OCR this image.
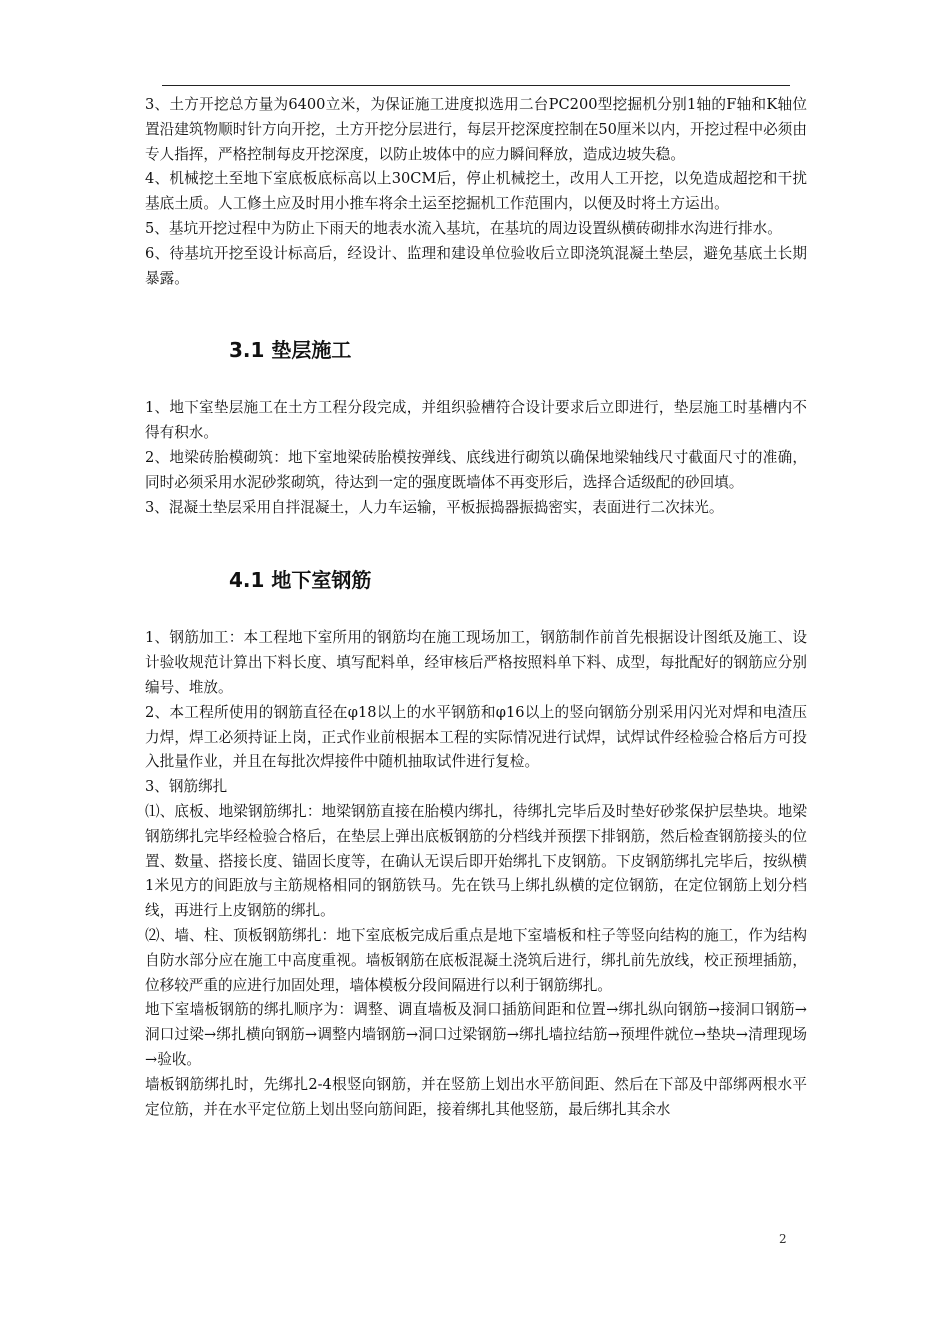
3、土方开挖总方量为6400立米，为保证施工进度拟选用二台PC200型挖掘机分别1轴的F轴和K轴位置沿建筑物顺时针方向开挖，土方开挖分层进行，每层开挖深度控制在50厘米以内，开挖过程中必须由专人指挥，严格控制每皮开挖深度，以防止坡体中的应力瞬间释放，造成边坡失稳。

4、机械挖土至地下室底板底标高以上30CM后，停止机械挖土，改用人工开挖，以免造成超挖和干扰基底土质。人工修土应及时用小推车将余土运至挖掘机工作范围内，以便及时将土方运出。

5、基坑开挖过程中为防止下雨天的地表水流入基坑，在基坑的周边设置纵横砖砌排水沟进行排水。

6、待基坑开挖至设计标高后，经设计、监理和建设单位验收后立即浇筑混凝土垫层，避免基底土长期暴露。

3.1 垫层施工

1、地下室垫层施工在土方工程分段完成，并组织验槽符合设计要求后立即进行，垫层施工时基槽内不得有积水。

2、地梁砖胎模砌筑：地下室地梁砖胎模按弹线、底线进行砌筑以确保地梁轴线尺寸截面尺寸的准确，同时必须采用水泥砂浆砌筑，待达到一定的强度既墙体不再变形后，选择合适级配的砂回填。

3、混凝土垫层采用自拌混凝土，人力车运输，平板振捣器振捣密实，表面进行二次抹光。

4.1 地下室钢筋

1、钢筋加工：本工程地下室所用的钢筋均在施工现场加工，钢筋制作前首先根据设计图纸及施工、设计验收规范计算出下料长度、填写配料单，经审核后严格按照料单下料、成型，每批配好的钢筋应分别编号、堆放。

2、本工程所使用的钢筋直径在φ18以上的水平钢筋和φ16以上的竖向钢筋分别采用闪光对焊和电渣压力焊，焊工必须持证上岗，正式作业前根据本工程的实际情况进行试焊，试焊试件经检验合格后方可投入批量作业，并且在每批次焊接件中随机抽取试件进行复检。

3、钢筋绑扎

⑴、底板、地梁钢筋绑扎：地梁钢筋直接在胎模内绑扎，待绑扎完毕后及时垫好砂浆保护层垫块。地梁钢筋绑扎完毕经检验合格后，在垫层上弹出底板钢筋的分档线并预摆下排钢筋，然后检查钢筋接头的位置、数量、搭接长度、锚固长度等，在确认无误后即开始绑扎下皮钢筋。下皮钢筋绑扎完毕后，按纵横1米见方的间距放与主筋规格相同的钢筋铁马。先在铁马上绑扎纵横的定位钢筋，在定位钢筋上划分档线，再进行上皮钢筋的绑扎。

⑵、墙、柱、顶板钢筋绑扎：地下室底板完成后重点是地下室墙板和柱子等竖向结构的施工，作为结构自防水部分应在施工中高度重视。墙板钢筋在底板混凝土浇筑后进行，绑扎前先放线，校正预埋插筋，位移较严重的应进行加固处理，墙体模板分段间隔进行以利于钢筋绑扎。

地下室墙板钢筋的绑扎顺序为：调整、调直墙板及洞口插筋间距和位置→绑扎纵向钢筋→接洞口钢筋→洞口过梁→绑扎横向钢筋→调整内墙钢筋→洞口过梁钢筋→绑扎墙拉结筋→预埋件就位→垫块→清理现场→验收。

墙板钢筋绑扎时，先绑扎2-4根竖向钢筋，并在竖筋上划出水平筋间距、然后在下部及中部绑两根水平定位筋，并在水平定位筋上划出竖向筋间距，接着绑扎其他竖筋，最后绑扎其余水

2
